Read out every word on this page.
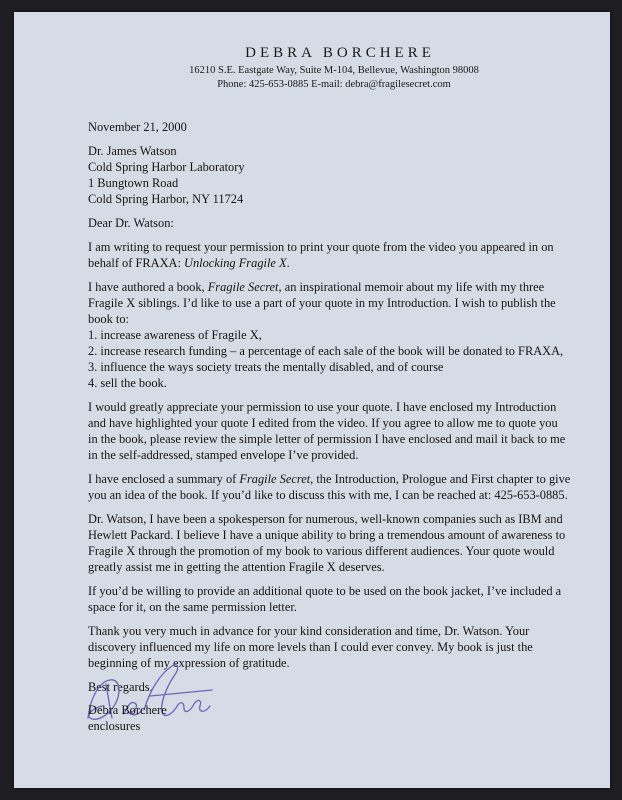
DEBRA BORCHERE
16210 S.E. Eastgate Way, Suite M-104, Bellevue, Washington 98008
Phone: 425-653-0885 E-mail: debra@fragilesecret.com
November 21, 2000
Dr. James Watson
Cold Spring Harbor Laboratory
1 Bungtown Road
Cold Spring Harbor, NY 11724
Dear Dr. Watson:
I am writing to request your permission to print your quote from the video you appeared in on
behalf of FRAXA: Unlocking Fragile X.
I have authored a book, Fragile Secret, an inspirational memoir about my life with my three
Fragile X siblings. I’d like to use a part of your quote in my Introduction. I wish to publish the
book to:
1. increase awareness of Fragile X,
2. increase research funding – a percentage of each sale of the book will be donated to FRAXA,
3. influence the ways society treats the mentally disabled, and of course
4. sell the book.
I would greatly appreciate your permission to use your quote. I have enclosed my Introduction
and have highlighted your quote I edited from the video. If you agree to allow me to quote you
in the book, please review the simple letter of permission I have enclosed and mail it back to me
in the self-addressed, stamped envelope I’ve provided.
I have enclosed a summary of Fragile Secret, the Introduction, Prologue and First chapter to give
you an idea of the book. If you’d like to discuss this with me, I can be reached at: 425-653-0885.
Dr. Watson, I have been a spokesperson for numerous, well-known companies such as IBM and
Hewlett Packard. I believe I have a unique ability to bring a tremendous amount of awareness to
Fragile X through the promotion of my book to various different audiences. Your quote would
greatly assist me in getting the attention Fragile X deserves.
If you’d be willing to provide an additional quote to be used on the book jacket, I’ve included a
space for it, on the same permission letter.
Thank you very much in advance for your kind consideration and time, Dr. Watson. Your
discovery influenced my life on more levels than I could ever convey. My book is just the
beginning of my expression of gratitude.
Best regards,
Debra Borchere
enclosures
